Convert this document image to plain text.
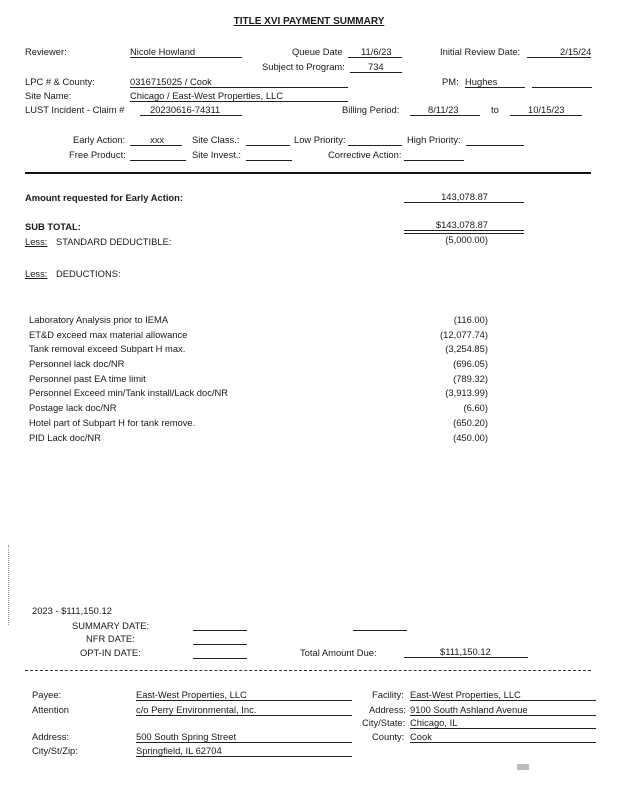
TITLE XVI PAYMENT SUMMARY
Reviewer:	Nicole Howland	Queue Date 11/6/23	Initial Review Date:	2/15/24
Subject to Program: 734
LPC # & County:	0316715025 / Cook	PM: Hughes
Site Name:	Chicago / East-West Properties, LLC
LUST Incident - Claim #	20230616-74311	Billing Period:	8/11/23	to	10/15/23
Early Action:	xxx	Site Class.:	Low Priority:	High Priority:
Free Product:	Site Invest.:	Corrective Action:
Amount requested for Early Action:	143,078.87
SUB TOTAL:	$143,078.87
Less: STANDARD DEDUCTIBLE:	(5,000.00)
Less: DEDUCTIONS:
Laboratory Analysis prior to IEMA	(116.00)
ET&D exceed max material allowance	(12,077.74)
Tank removal exceed Subpart H max.	(3,254.85)
Personnel lack doc/NR	(696.05)
Personnel past EA time limit	(789.32)
Personnel Exceed min/Tank install/Lack doc/NR	(3,913.99)
Postage lack doc/NR	(6.60)
Hotel part of Subpart H for tank remove.	(650.20)
PID Lack doc/NR	(450.00)
2023 - $111,150.12
SUMMARY DATE:
NFR DATE:
OPT-IN DATE:	Total Amount Due:	$111,150.12
Payee:	East-West Properties, LLC
Attention	c/o Perry Environmental, Inc.
Address:	500 South Spring Street
City/St/Zip:	Springfield, IL 62704
Facility: East-West Properties, LLC
Address: 9100 South Ashland Avenue
City/State: Chicago, IL
County: Cook
